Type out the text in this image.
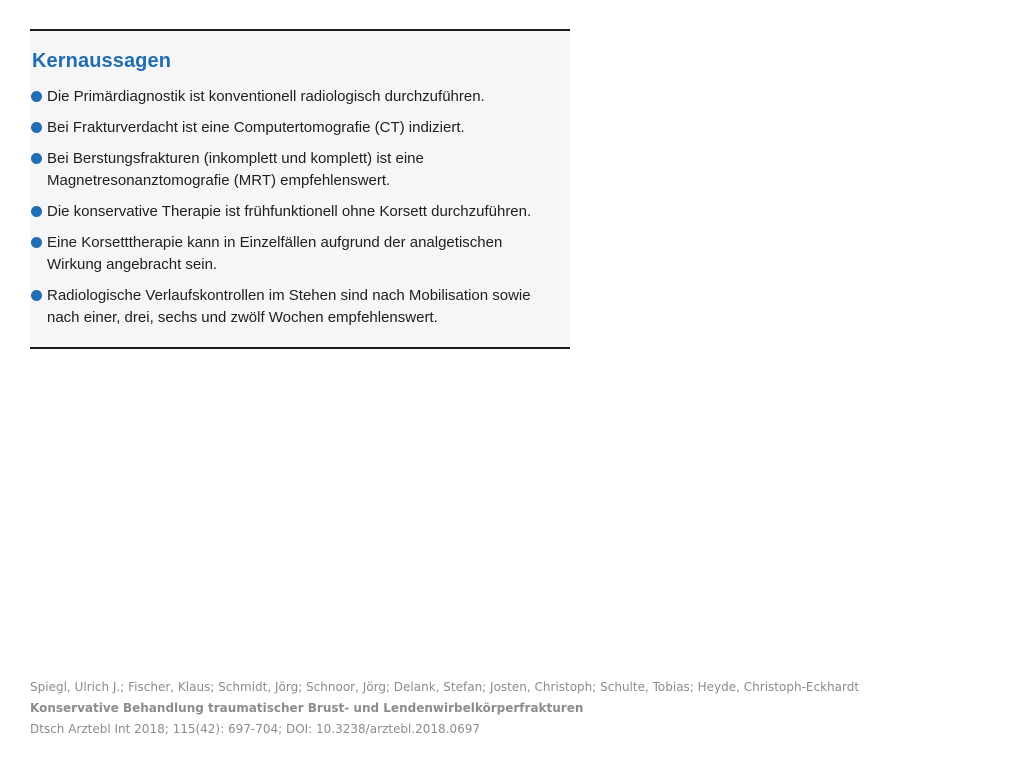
Kernaussagen
Die Primärdiagnostik ist konventionell radiologisch durchzuführen.
Bei Frakturverdacht ist eine Computertomografie (CT) indiziert.
Bei Berstungsfrakturen (inkomplett und komplett) ist eine Magnetresonanztomografie (MRT) empfehlenswert.
Die konservative Therapie ist frühfunktionell ohne Korsett durchzuführen.
Eine Korsetttherapie kann in Einzelfällen aufgrund der analgetischen Wirkung angebracht sein.
Radiologische Verlaufskontrollen im Stehen sind nach Mobilisation sowie nach einer, drei, sechs und zwölf Wochen empfehlenswert.
Spiegl, Ulrich J.; Fischer, Klaus; Schmidt, Jörg; Schnoor, Jörg; Delank, Stefan; Josten, Christoph; Schulte, Tobias; Heyde, Christoph-Eckhardt
Konservative Behandlung traumatischer Brust- und Lendenwirbelkörperfrakturen
Dtsch Arztebl Int 2018; 115(42): 697-704; DOI: 10.3238/arztebl.2018.0697
